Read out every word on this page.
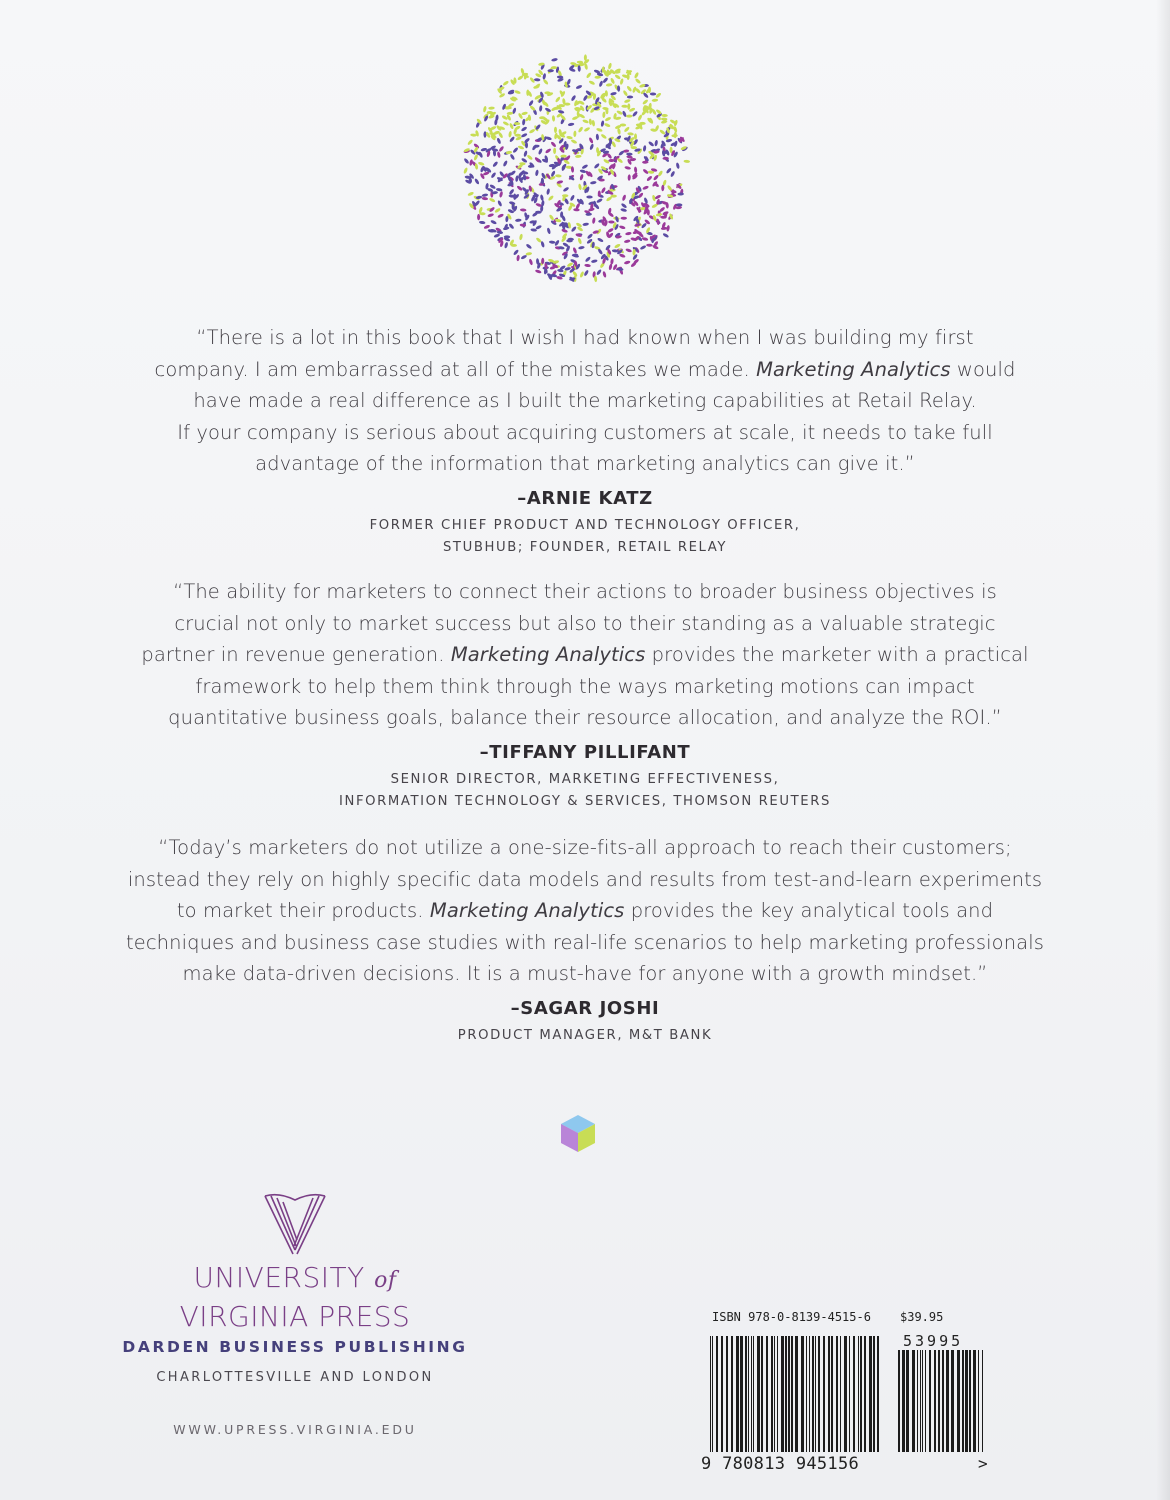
“There is a lot in this book that I wish I had known when I was building my first
company. I am embarrassed at all of the mistakes we made. Marketing Analytics would
have made a real difference as I built the marketing capabilities at Retail Relay.
If your company is serious about acquiring customers at scale, it needs to take full
advantage of the information that marketing analytics can give it.”

–ARNIE KATZ
FORMER CHIEF PRODUCT AND TECHNOLOGY OFFICER,
STUBHUB; FOUNDER, RETAIL RELAY

“The ability for marketers to connect their actions to broader business objectives is
crucial not only to market success but also to their standing as a valuable strategic
partner in revenue generation. Marketing Analytics provides the marketer with a practical
framework to help them think through the ways marketing motions can impact
quantitative business goals, balance their resource allocation, and analyze the ROI.”

–TIFFANY PILLIFANT
SENIOR DIRECTOR, MARKETING EFFECTIVENESS,
INFORMATION TECHNOLOGY & SERVICES, THOMSON REUTERS

“Today’s marketers do not utilize a one-size-fits-all approach to reach their customers;
instead they rely on highly specific data models and results from test-and-learn experiments
to market their products. Marketing Analytics provides the key analytical tools and
techniques and business case studies with real-life scenarios to help marketing professionals
make data-driven decisions. It is a must-have for anyone with a growth mindset.”

–SAGAR JOSHI
PRODUCT MANAGER, M&T BANK
UNIVERSITY of
VIRGINIA PRESS
DARDEN BUSINESS PUBLISHING
CHARLOTTESVILLE AND LONDON
WWW.UPRESS.VIRGINIA.EDU
ISBN 978-0-8139-4515-6	$39.95
53995
9 780813 945156	>
